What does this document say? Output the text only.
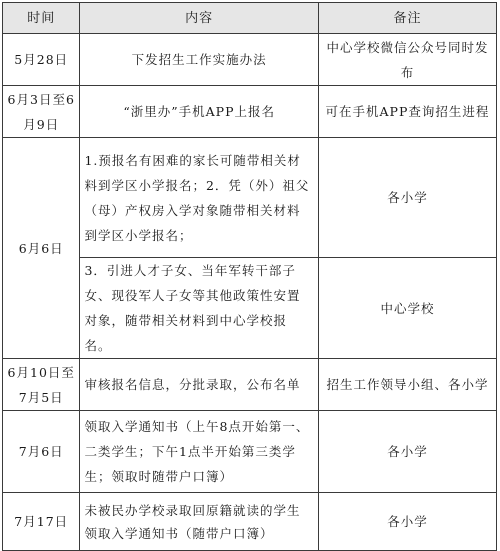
时间	内容	备注
5月28日	下发招生工作实施办法	中心学校微信公众号同时发布
6月3日至6月9日	“浙里办”手机APP上报名	可在手机APP查询招生进程
6月6日	1.预报名有困难的家长可随带相关材料到学区小学报名；2．凭（外）祖父（母）产权房入学对象随带相关材料到学区小学报名；	各小学
	3．引进人才子女、当年军转干部子女、现役军人子女等其他政策性安置对象，随带相关材料到中心学校报名。	中心学校
6月10日至7月5日	审核报名信息，分批录取，公布名单	招生工作领导小组、各小学
7月6日	领取入学通知书（上午8点开始第一、二类学生；下午1点半开始第三类学生；领取时随带户口簿）	各小学
7月17日	未被民办学校录取回原籍就读的学生领取入学通知书（随带户口簿）	各小学
